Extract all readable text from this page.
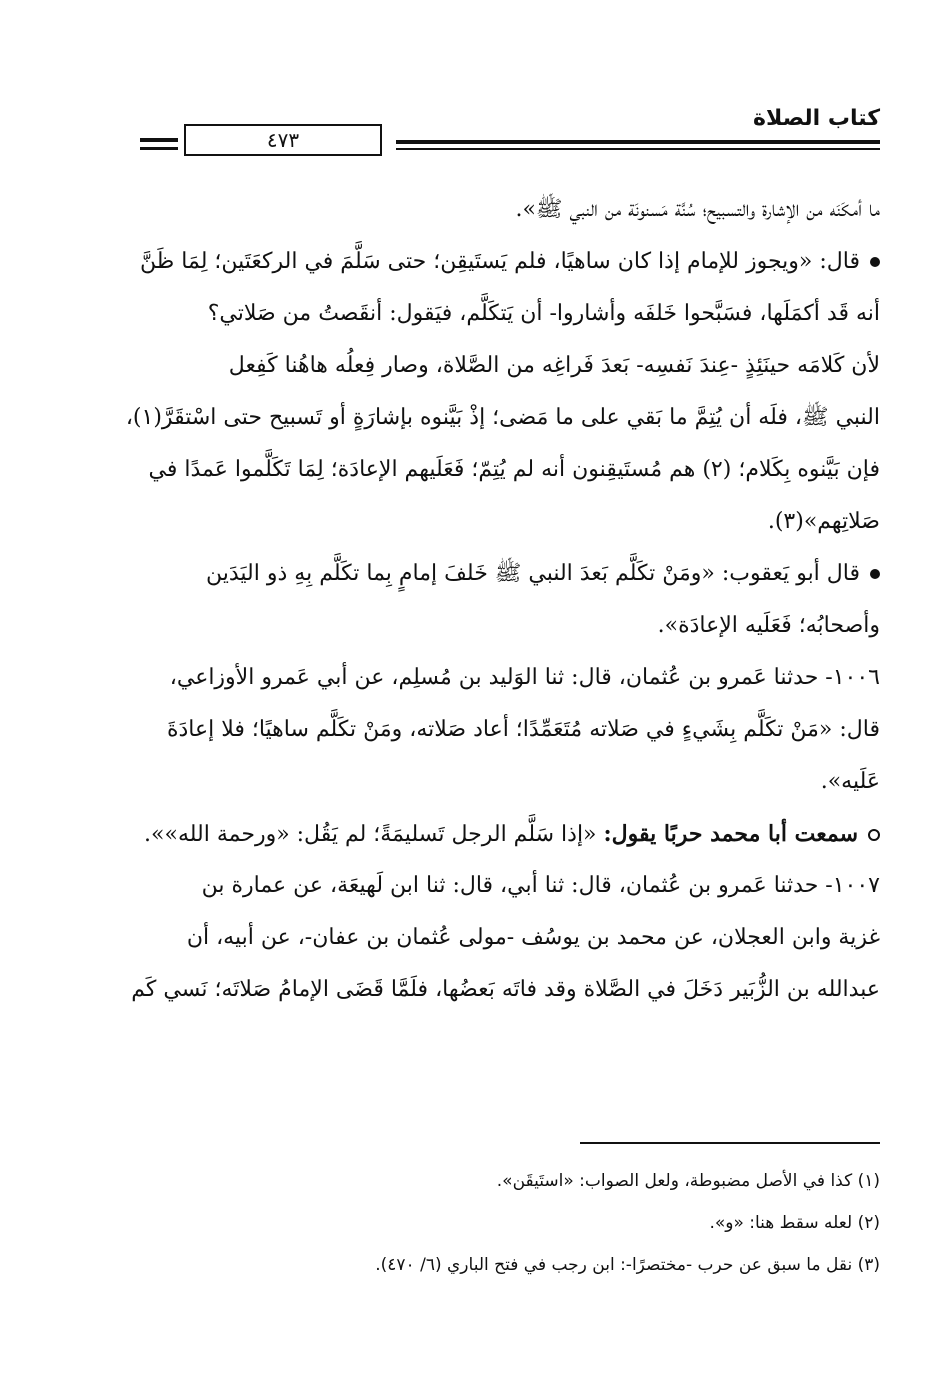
كتاب الصلاة
٤٧٣
ما أمكَنَه من الإشارة والتسبيح؛ سُنَّة مَسنونَة من النبي ﷺ».
قال: «ويجوز للإمام إذا كان ساهيًا، فلم يَستَيقِن؛ حتى سَلَّمَ في الركعَتَين؛ لِمَا ظَنَّ
أنه قَد أكمَلَها، فسَبَّحوا خَلفَه وأشاروا- أن يَتكَلَّم، فيَقول: أنقَصتُ من صَلاتي؟
لأن كَلامَه حينَئِذٍ -عِندَ نَفسِه- بَعدَ فَراغِه من الصَّلاة، وصار فِعلُه هاهُنا كَفِعل
النبي ﷺ، فلَه أن يُتِمَّ ما بَقي على ما مَضى؛ إذْ بَيَّنوه بإشارَةٍ أو تَسبيح حتى اسْتقَرَّ(١)،
فإن بَيَّنوه بِكَلام؛ (٢) هم مُستَيقِنون أنه لم يُتِمّ؛ فَعَلَيهم الإعادَة؛ لِمَا تَكَلَّموا عَمدًا في
صَلاتِهم»(٣).
قال أبو يَعقوب: «ومَنْ تكَلَّم بَعدَ النبي ﷺ خَلفَ إمامٍ بِما تكَلَّم بِهِ ذو اليَدَين
وأصحابُه؛ فَعَلَيه الإعادَة».
١٠٠٦- حدثنا عَمرو بن عُثمان، قال: ثنا الوَليد بن مُسلِم، عن أبي عَمرو الأوزاعي،
قال: «مَنْ تكَلَّم بِشَيءٍ في صَلاته مُتَعَمِّدًا؛ أعاد صَلاته، ومَنْ تكَلَّم ساهيًا؛ فلا إعادَةَ
عَلَيه».
سمعت أبا محمد حربًا يقول: «إذا سَلَّم الرجل تَسليمَةً؛ لم يَقُل: «ورحمة الله»».
١٠٠٧- حدثنا عَمرو بن عُثمان، قال: ثنا أبي، قال: ثنا ابن لَهيعَة، عن عمارة بن
غزية وابن العجلان، عن محمد بن يوسُف -مولى عُثمان بن عفان-، عن أبيه، أن
عبدالله بن الزُّبَير دَخَلَ في الصَّلاة وقد فاتَه بَعضُها، فلَمَّا قَضَى الإمامُ صَلاتَه؛ نَسي كَم
(١) كذا في الأصل مضبوطة، ولعل الصواب: «استَيقَن».
(٢) لعله سقط هنا: «و».
(٣) نقل ما سبق عن حرب -مختصرًا-: ابن رجب في فتح الباري (٦/ ٤٧٠).
